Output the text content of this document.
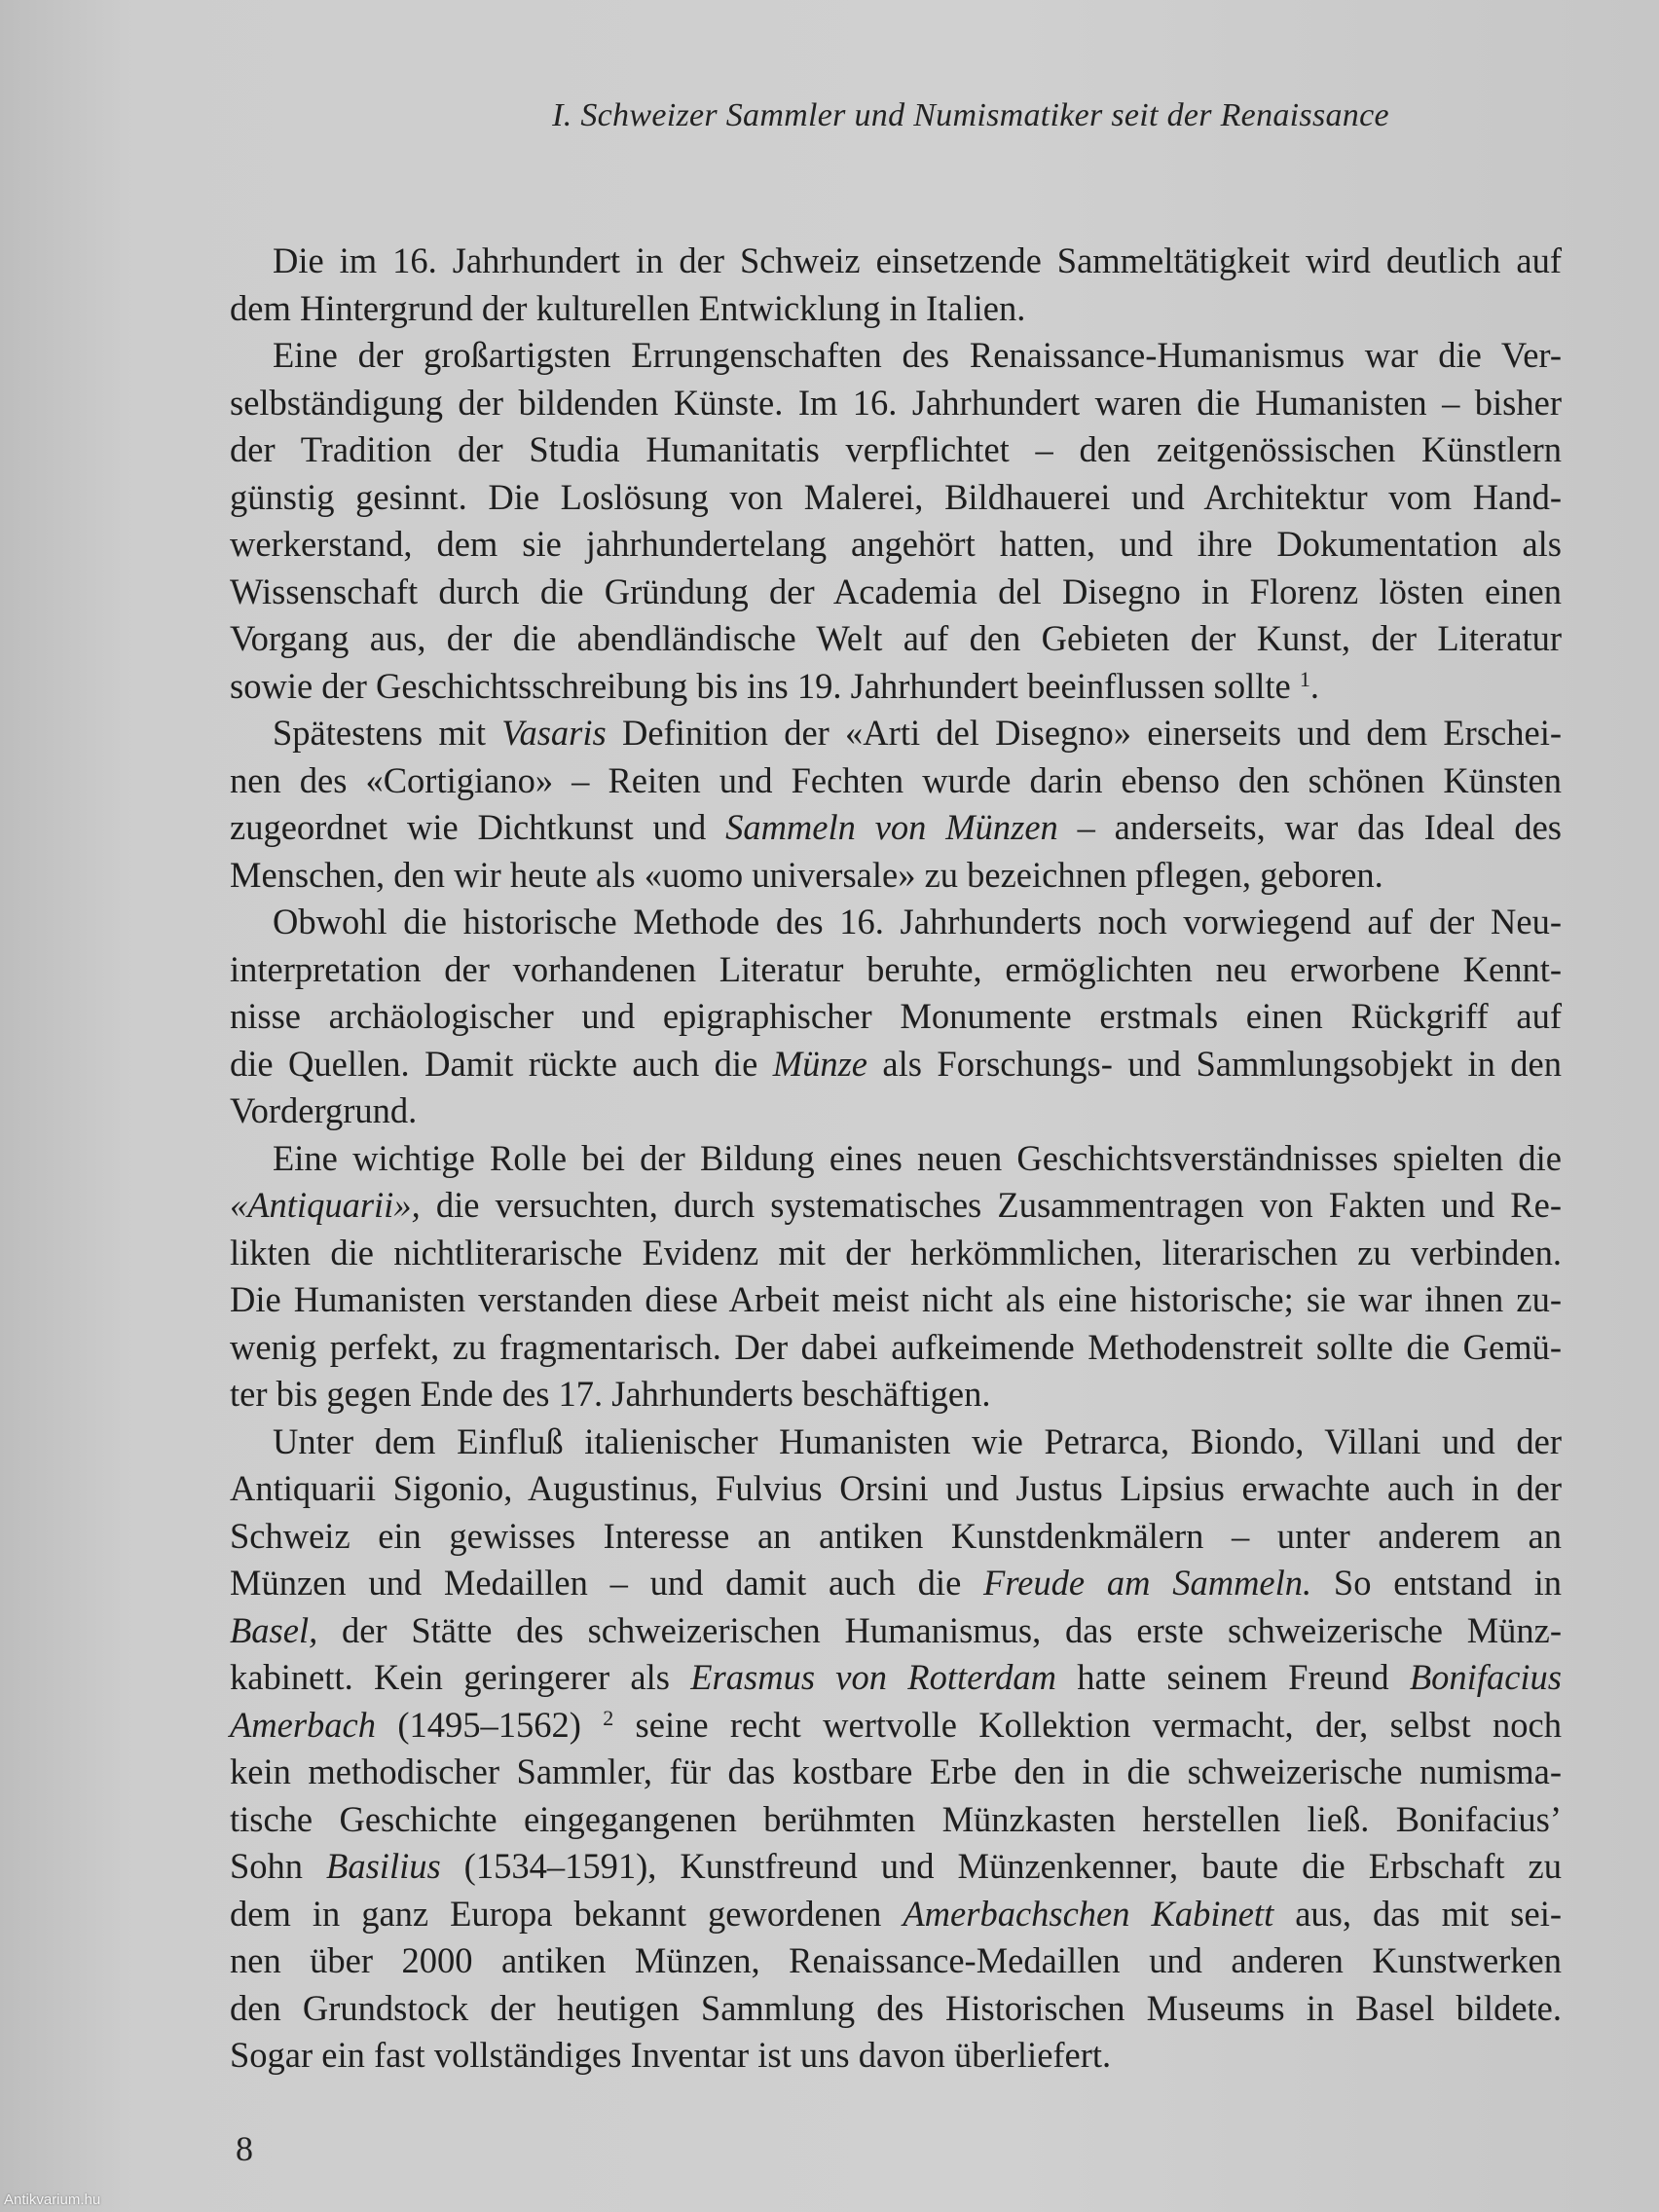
I. Schweizer Sammler und Numismatiker seit der Renaissance
Die im 16. Jahrhundert in der Schweiz einsetzende Sammeltätigkeit wird deutlich auf
dem Hintergrund der kulturellen Entwicklung in Italien.
Eine der großartigsten Errungenschaften des Renaissance-Humanismus war die Ver-
selbständigung der bildenden Künste. Im 16. Jahrhundert waren die Humanisten – bisher
der Tradition der Studia Humanitatis verpflichtet – den zeitgenössischen Künstlern
günstig gesinnt. Die Loslösung von Malerei, Bildhauerei und Architektur vom Hand-
werkerstand, dem sie jahrhundertelang angehört hatten, und ihre Dokumentation als
Wissenschaft durch die Gründung der Academia del Disegno in Florenz lösten einen
Vorgang aus, der die abendländische Welt auf den Gebieten der Kunst, der Literatur
sowie der Geschichtsschreibung bis ins 19. Jahrhundert beeinflussen sollte $^1$.
Spätestens mit Vasaris Definition der «Arti del Disegno» einerseits und dem Erschei-
nen des «Cortigiano» – Reiten und Fechten wurde darin ebenso den schönen Künsten
zugeordnet wie Dichtkunst und Sammeln von Münzen – anderseits, war das Ideal des
Menschen, den wir heute als «uomo universale» zu bezeichnen pflegen, geboren.
Obwohl die historische Methode des 16. Jahrhunderts noch vorwiegend auf der Neu-
interpretation der vorhandenen Literatur beruhte, ermöglichten neu erworbene Kennt-
nisse archäologischer und epigraphischer Monumente erstmals einen Rückgriff auf
die Quellen. Damit rückte auch die Münze als Forschungs- und Sammlungsobjekt in den
Vordergrund.
Eine wichtige Rolle bei der Bildung eines neuen Geschichtsverständnisses spielten die
«Antiquarii», die versuchten, durch systematisches Zusammentragen von Fakten und Re-
likten die nichtliterarische Evidenz mit der herkömmlichen, literarischen zu verbinden.
Die Humanisten verstanden diese Arbeit meist nicht als eine historische; sie war ihnen zu-
wenig perfekt, zu fragmentarisch. Der dabei aufkeimende Methodenstreit sollte die Gemü-
ter bis gegen Ende des 17. Jahrhunderts beschäftigen.
Unter dem Einfluß italienischer Humanisten wie Petrarca, Biondo, Villani und der
Antiquarii Sigonio, Augustinus, Fulvius Orsini und Justus Lipsius erwachte auch in der
Schweiz ein gewisses Interesse an antiken Kunstdenkmälern – unter anderem an
Münzen und Medaillen – und damit auch die Freude am Sammeln. So entstand in
Basel, der Stätte des schweizerischen Humanismus, das erste schweizerische Münz-
kabinett. Kein geringerer als Erasmus von Rotterdam hatte seinem Freund Bonifacius
Amerbach (1495–1562) $^2$ seine recht wertvolle Kollektion vermacht, der, selbst noch
kein methodischer Sammler, für das kostbare Erbe den in die schweizerische numisma-
tische Geschichte eingegangenen berühmten Münzkasten herstellen ließ. Bonifacius’
Sohn Basilius (1534–1591), Kunstfreund und Münzenkenner, baute die Erbschaft zu
dem in ganz Europa bekannt gewordenen Amerbachschen Kabinett aus, das mit sei-
nen über 2000 antiken Münzen, Renaissance-Medaillen und anderen Kunstwerken
den Grundstock der heutigen Sammlung des Historischen Museums in Basel bildete.
Sogar ein fast vollständiges Inventar ist uns davon überliefert.
8
Antikvarium.hu
